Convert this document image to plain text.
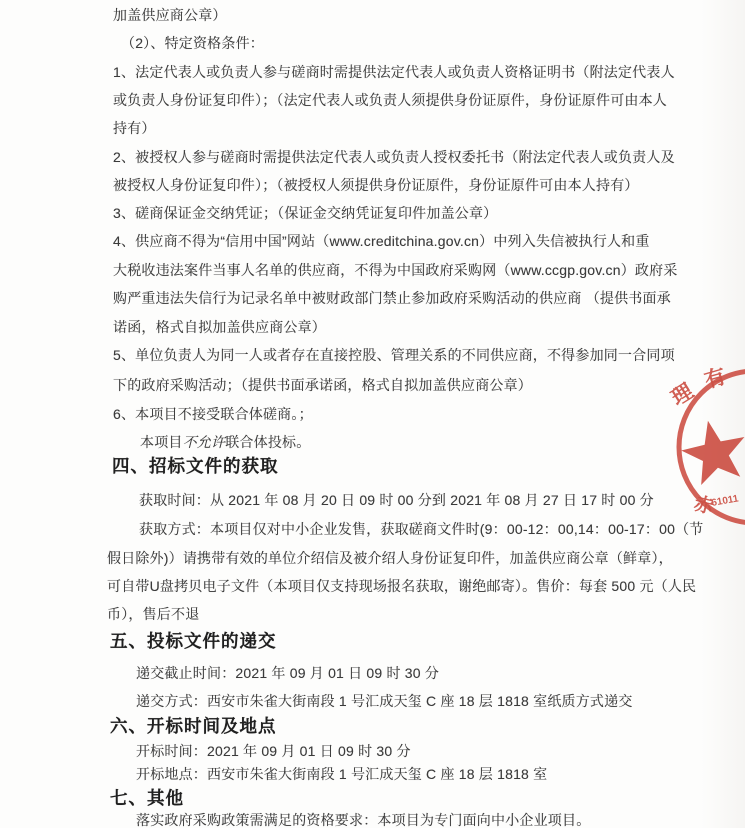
加盖供应商公章）
（2）、特定资格条件：
1、法定代表人或负责人参与磋商时需提供法定代表人或负责人资格证明书（附法定代表人
或负责人身份证复印件）；（法定代表人或负责人须提供身份证原件，身份证原件可由本人
持有）
2、被授权人参与磋商时需提供法定代表人或负责人授权委托书（附法定代表人或负责人及
被授权人身份证复印件）；（被授权人须提供身份证原件，身份证原件可由本人持有）
3、磋商保证金交纳凭证；（保证金交纳凭证复印件加盖公章）
4、供应商不得为“信用中国”网站（www.creditchina.gov.cn）中列入失信被执行人和重
大税收违法案件当事人名单的供应商，不得为中国政府采购网（www.ccgp.gov.cn）政府采
购严重违法失信行为记录名单中被财政部门禁止参加政府采购活动的供应商 （提供书面承
诺函，格式自拟加盖供应商公章）
5、单位负责人为同一人或者存在直接控股、管理关系的不同供应商，不得参加同一合同项
下的政府采购活动；（提供书面承诺函，格式自拟加盖供应商公章）
6、本项目不接受联合体磋商。；
本项目不允许联合体投标。
四、招标文件的获取
获取时间：从 2021 年 08 月 20 日 09 时 00 分到 2021 年 08 月 27 日 17 时 00 分
获取方式：本项目仅对中小企业发售，获取磋商文件时(9：00-12：00,14：00-17：00（节
假日除外)）请携带有效的单位介绍信及被介绍人身份证复印件，加盖供应商公章（鲜章），
可自带U盘拷贝电子文件（本项目仅支持现场报名获取，谢绝邮寄）。售价：每套 500 元（人民
币），售后不退
五、投标文件的递交
递交截止时间：2021 年 09 月 01 日 09 时 30 分
递交方式：西安市朱雀大街南段 1 号汇成天玺 C 座 18 层 1818 室纸质方式递交
六、开标时间及地点
开标时间：2021 年 09 月 01 日 09 时 30 分
开标地点：西安市朱雀大街南段 1 号汇成天玺 C 座 18 层 1818 室
七、其他
落实政府采购政策需满足的资格要求：本项目为专门面向中小企业项目。
理
有
赤
61011
